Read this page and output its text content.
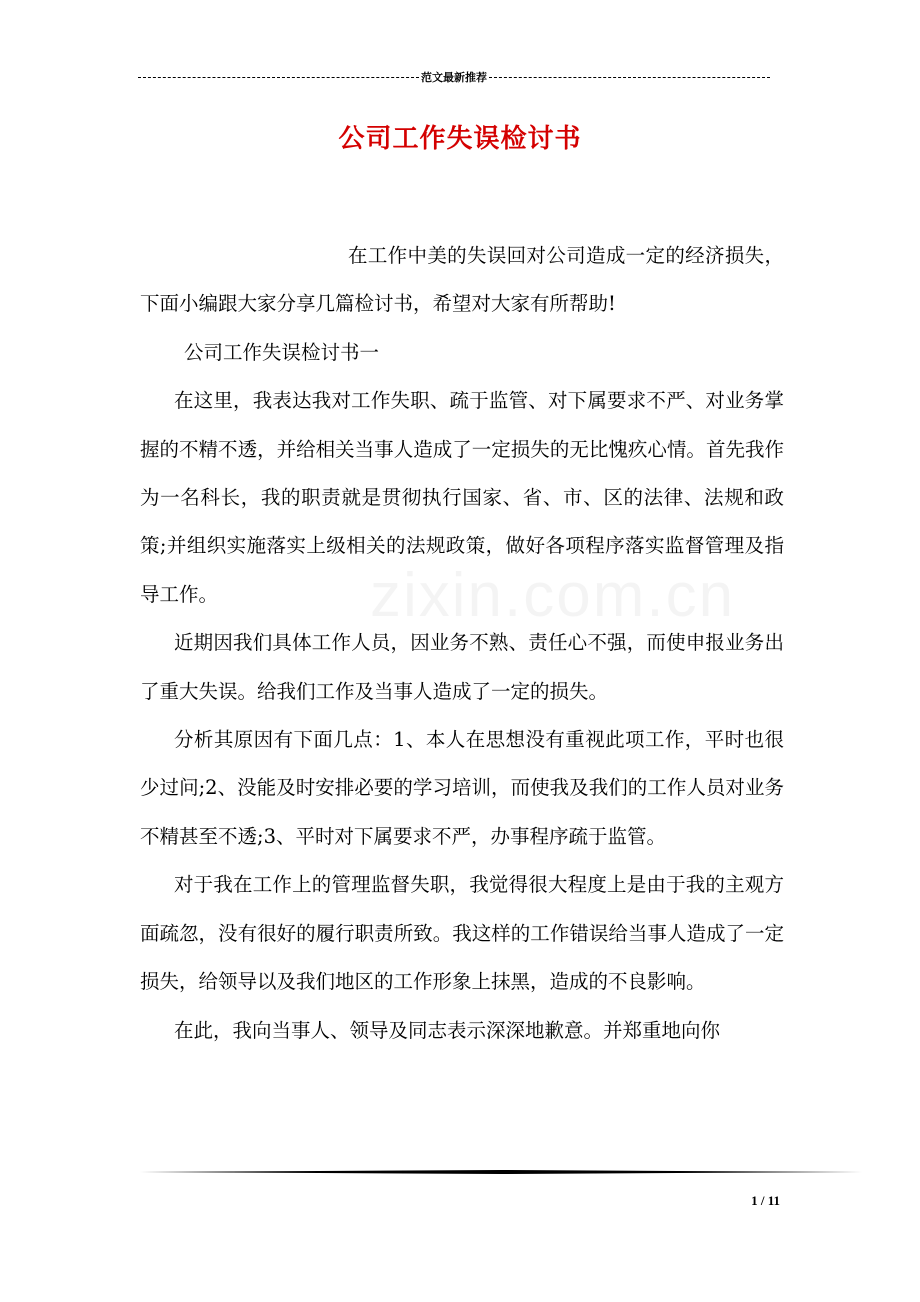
范文最新推荐
公司工作失误检讨书

在工作中美的失误回对公司造成一定的经济损失，下面小编跟大家分享几篇检讨书，希望对大家有所帮助!

公司工作失误检讨书一

在这里，我表达我对工作失职、疏于监管、对下属要求不严、对业务掌握的不精不透，并给相关当事人造成了一定损失的无比愧疚心情。首先我作为一名科长，我的职责就是贯彻执行国家、省、市、区的法律、法规和政策;并组织实施落实上级相关的法规政策，做好各项程序落实监督管理及指导工作。

近期因我们具体工作人员，因业务不熟、责任心不强，而使申报业务出了重大失误。给我们工作及当事人造成了一定的损失。

分析其原因有下面几点：1、本人在思想没有重视此项工作，平时也很少过问;2、没能及时安排必要的学习培训，而使我及我们的工作人员对业务不精甚至不透;3、平时对下属要求不严，办事程序疏于监管。

对于我在工作上的管理监督失职，我觉得很大程度上是由于我的主观方面疏忽，没有很好的履行职责所致。我这样的工作错误给当事人造成了一定损失，给领导以及我们地区的工作形象上抹黑，造成的不良影响。

在此，我向当事人、领导及同志表示深深地歉意。并郑重地向你

1 / 11
